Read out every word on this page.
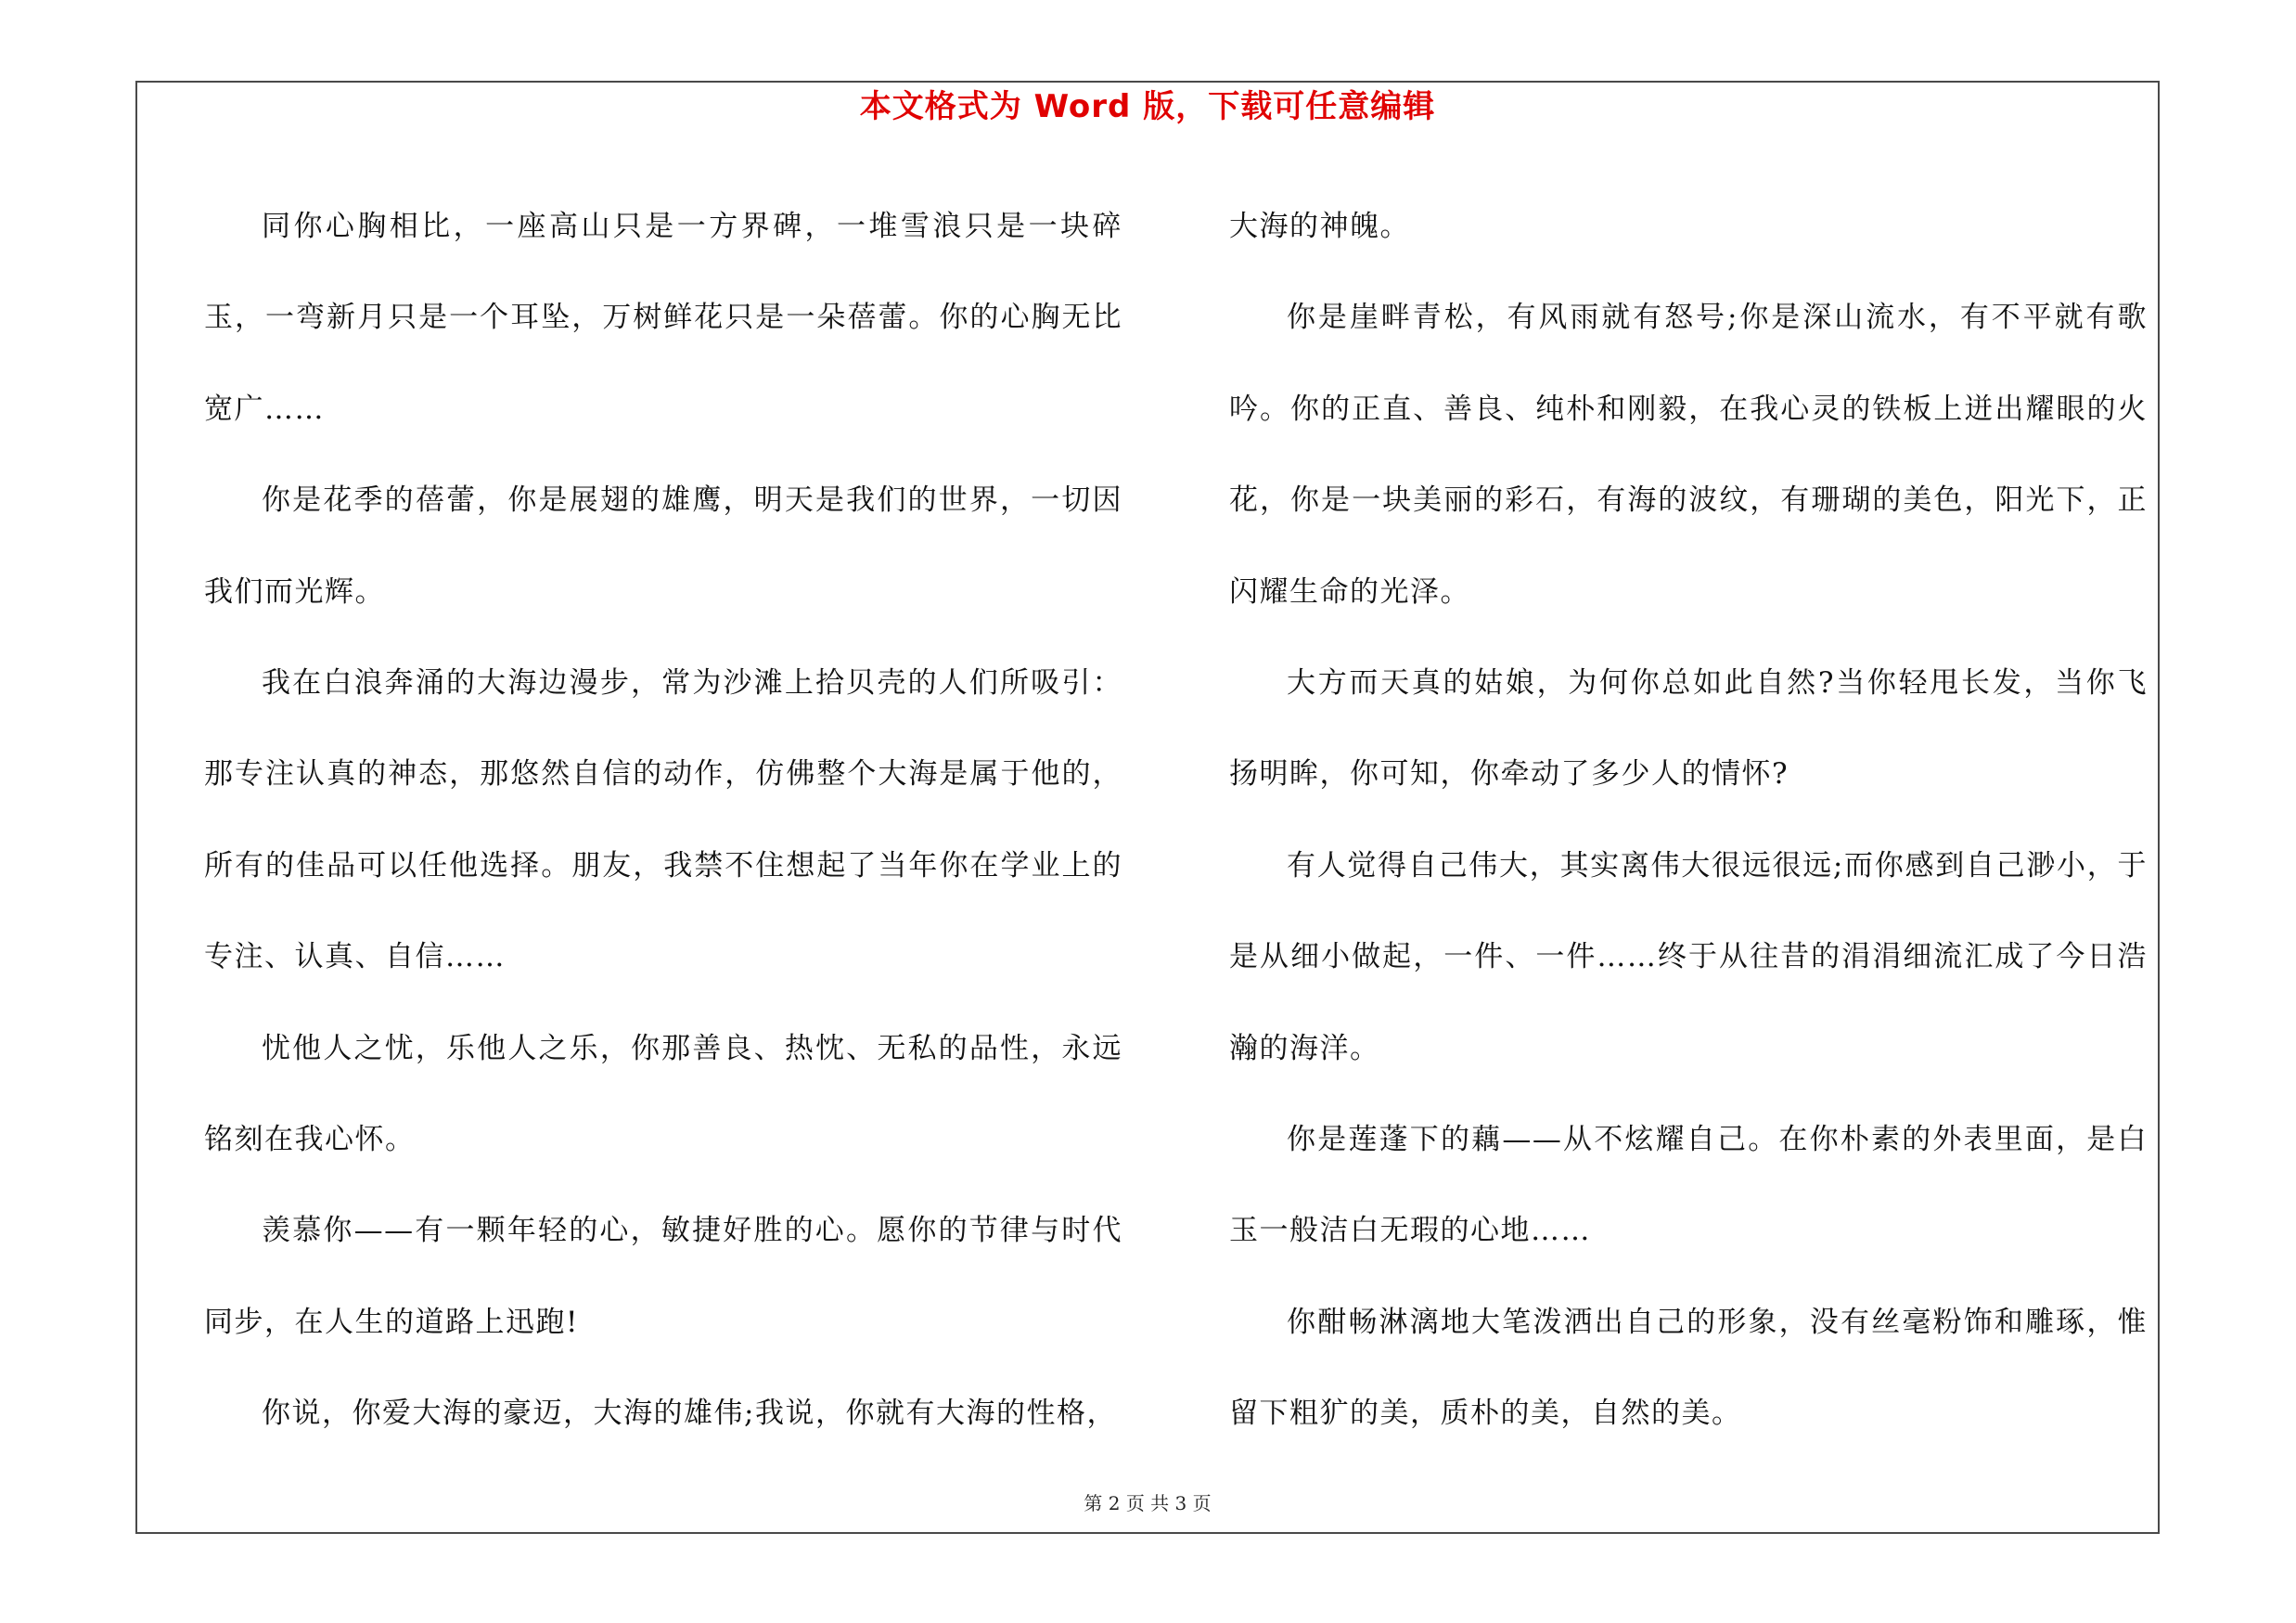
本文格式为 Word 版，下载可任意编辑

同你心胸相比，一座高山只是一方界碑，一堆雪浪只是一块碎玉，一弯新月只是一个耳坠，万树鲜花只是一朵蓓蕾。你的心胸无比宽广……

你是花季的蓓蕾，你是展翅的雄鹰，明天是我们的世界，一切因我们而光辉。

我在白浪奔涌的大海边漫步，常为沙滩上拾贝壳的人们所吸引：那专注认真的神态，那悠然自信的动作，仿佛整个大海是属于他的，所有的佳品可以任他选择。朋友，我禁不住想起了当年你在学业上的专注、认真、自信……

忧他人之忧，乐他人之乐，你那善良、热忱、无私的品性，永远铭刻在我心怀。

羡慕你——有一颗年轻的心，敏捷好胜的心。愿你的节律与时代同步，在人生的道路上迅跑!

你说，你爱大海的豪迈，大海的雄伟;我说，你就有大海的性格，

大海的神魄。

你是崖畔青松，有风雨就有怒号;你是深山流水，有不平就有歌吟。你的正直、善良、纯朴和刚毅，在我心灵的铁板上迸出耀眼的火花，你是一块美丽的彩石，有海的波纹，有珊瑚的美色，阳光下，正闪耀生命的光泽。

大方而天真的姑娘，为何你总如此自然?当你轻甩长发，当你飞扬明眸，你可知，你牵动了多少人的情怀?

有人觉得自己伟大，其实离伟大很远很远;而你感到自己渺小，于是从细小做起，一件、一件……终于从往昔的涓涓细流汇成了今日浩瀚的海洋。

你是莲蓬下的藕——从不炫耀自己。在你朴素的外表里面，是白玉一般洁白无瑕的心地……

你酣畅淋漓地大笔泼洒出自己的形象，没有丝毫粉饰和雕琢，惟留下粗犷的美，质朴的美，自然的美。

第 2 页 共 3 页
